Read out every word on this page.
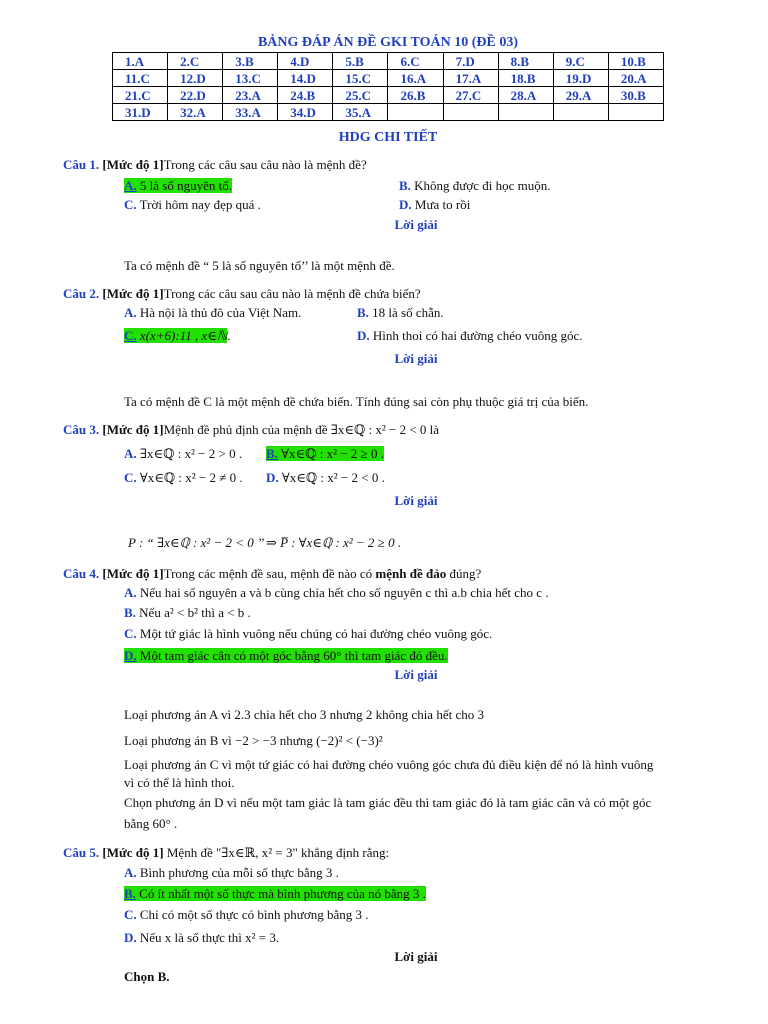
BẢNG ĐÁP ÁN ĐỀ GKI TOÁN 10 (ĐỀ 03)
1.A	2.C	3.B	4.D	5.B	6.C	7.D	8.B	9.C	10.B
11.C	12.D	13.C	14.D	15.C	16.A	17.A	18.B	19.D	20.A
21.C	22.D	23.A	24.B	25.C	26.B	27.C	28.A	29.A	30.B
31.D	32.A	33.A	34.D	35.A					
HDG CHI TIẾT
Câu 1. [Mức độ 1]Trong các câu sau câu nào là mệnh đề?
A. 5 là số nguyên tố.	B. Không được đi học muộn.
C. Trời hôm nay đẹp quá .	D. Mưa to rồi
Lời giải
Ta có mệnh đề “ 5 là số nguyên tố’’ là một mệnh đề.
Câu 2. [Mức độ 1]Trong các câu sau câu nào là mệnh đề chứa biến?
A. Hà nội là thủ đô của Việt Nam.	B. 18 là số chẵn.
C. x(x+6):11 , x∈ℕ.	D. Hình thoi có hai đường chéo vuông góc.
Lời giải
Ta có mệnh đề C là một mệnh đề chứa biến. Tính đúng sai còn phụ thuộc giá trị của biến.
Câu 3. [Mức độ 1]Mệnh đề phủ định của mệnh đề ∃x∈ℚ : x² − 2 < 0 là
A. ∃x∈ℚ : x² − 2 > 0 . B. ∀x∈ℚ : x² − 2 ≥ 0 .
C. ∀x∈ℚ : x² − 2 ≠ 0 . D. ∀x∈ℚ : x² − 2 < 0 .
Lời giải
P : “ ∃x∈ℚ : x² − 2 < 0 ’’ ⇒ P̅ : ∀x∈ℚ : x² − 2 ≥ 0 .
Câu 4. [Mức độ 1]Trong các mệnh đề sau, mệnh đề nào có mệnh đề đảo đúng?
A. Nếu hai số nguyên a và b cùng chia hết cho số nguyên c thì a.b chia hết cho c .
B. Nếu a² < b² thì a < b .
C. Một tứ giác là hình vuông nếu chúng có hai đường chéo vuông góc.
D. Một tam giác cân có một góc bằng 60° thì tam giác đó đều.
Lời giải
Loại phương án A vì 2.3 chia hết cho 3 nhưng 2 không chia hết cho 3
Loại phương án B vì −2 > −3 nhưng (−2)² < (−3)²
Loại phương án C vì một tứ giác có hai đường chéo vuông góc chưa đủ điều kiện để nó là hình vuông
vì có thể là hình thoi.
Chọn phương án D vì nếu một tam giác là tam giác đều thì tam giác đó là tam giác cân và có một góc
bằng 60° .
Câu 5. [Mức độ 1] Mệnh đề "∃x∈ℝ, x² = 3" khẳng định rằng:
A. Bình phương của mỗi số thực bằng 3 .
B. Có ít nhất một số thực mà bình phương của nó bằng 3 .
C. Chỉ có một số thực có bình phương bằng 3 .
D. Nếu x là số thực thì x² = 3.
Lời giải
Chọn B.
